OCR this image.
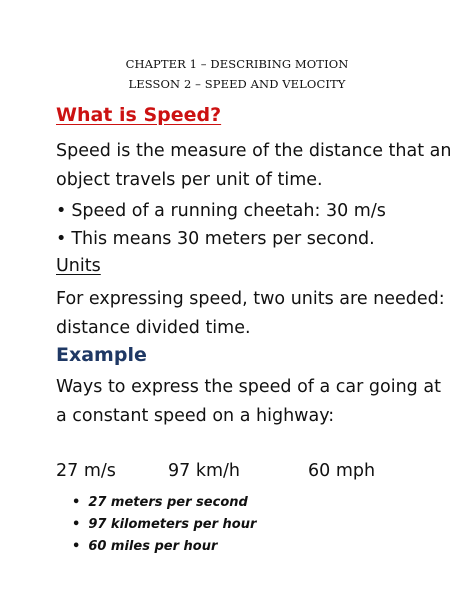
CHAPTER 1 – DESCRIBING MOTION
LESSON 2 – SPEED AND VELOCITY
What is Speed?
Speed is the measure of the distance that an object travels per unit of time.
• Speed of a running cheetah: 30 m/s
• This means 30 meters per second.
Units
For expressing speed, two units are needed: distance divided time.
Example
Ways to express the speed of a car going at a constant speed on a highway:
27 m/s	97 km/h	60 mph
• 27 meters per second
• 97 kilometers per hour
• 60 miles per hour
